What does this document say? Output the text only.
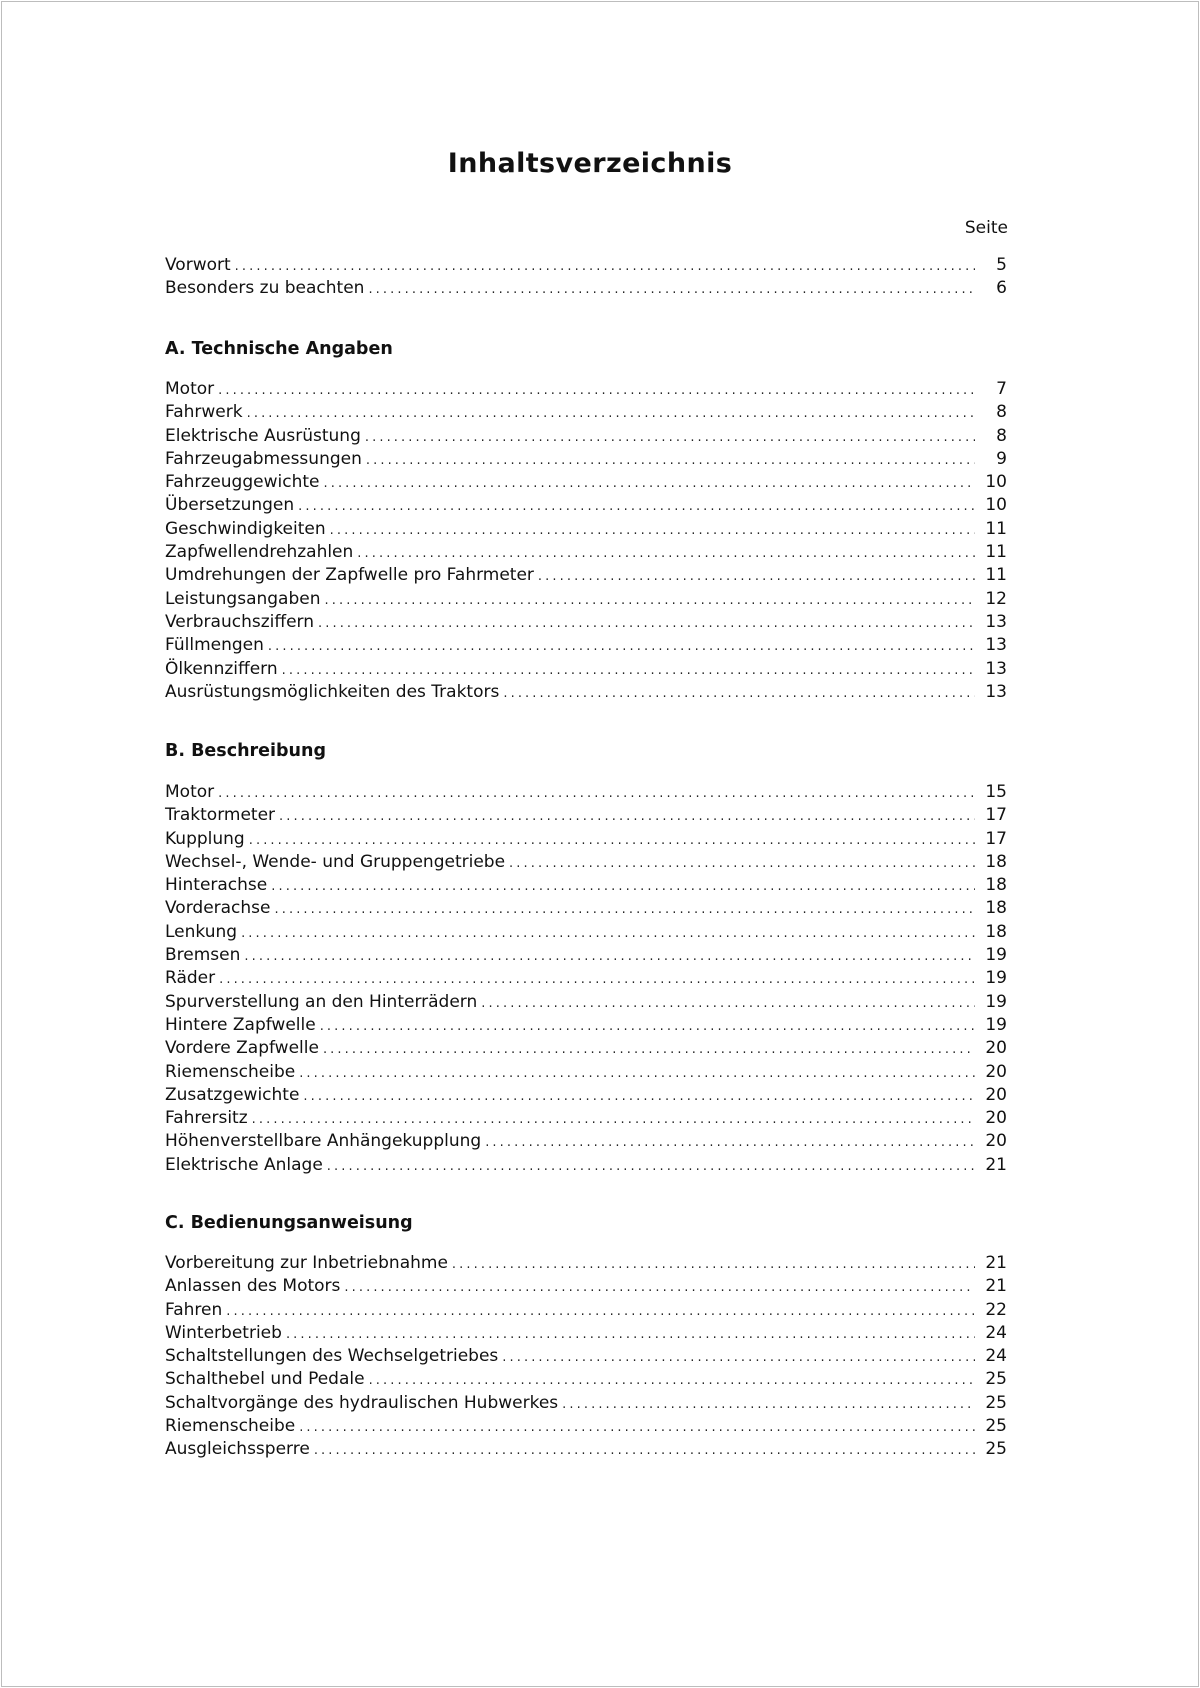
Inhaltsverzeichnis

Seite

Vorwort .....	5
Besonders zu beachten .....	6
A. Technische Angaben
Motor .....	7
Fahrwerk .....	8
Elektrische Ausrüstung .....	8
Fahrzeugabmessungen .....	9
Fahrzeuggewichte .....	10
Übersetzungen .....	10
Geschwindigkeiten .....	11
Zapfwellendrehzahlen .....	11
Umdrehungen der Zapfwelle pro Fahrmeter .....	11
Leistungsangaben .....	12
Verbrauchsziffern .....	13
Füllmengen .....	13
Ölkennziffern .....	13
Ausrüstungsmöglichkeiten des Traktors .....	13
B. Beschreibung
Motor .....	15
Traktormeter .....	17
Kupplung .....	17
Wechsel-, Wende- und Gruppengetriebe .....	18
Hinterachse .....	18
Vorderachse .....	18
Lenkung .....	18
Bremsen .....	19
Räder .....	19
Spurverstellung an den Hinterrädern .....	19
Hintere Zapfwelle .....	19
Vordere Zapfwelle .....	20
Riemenscheibe .....	20
Zusatzgewichte .....	20
Fahrersitz .....	20
Höhenverstellbare Anhängekupplung .....	20
Elektrische Anlage .....	21
C. Bedienungsanweisung
Vorbereitung zur Inbetriebnahme .....	21
Anlassen des Motors .....	21
Fahren .....	22
Winterbetrieb .....	24
Schaltstellungen des Wechselgetriebes .....	24
Schalthebel und Pedale .....	25
Schaltvorgänge des hydraulischen Hubwerkes .....	25
Riemenscheibe .....	25
Ausgleichssperre .....	25
